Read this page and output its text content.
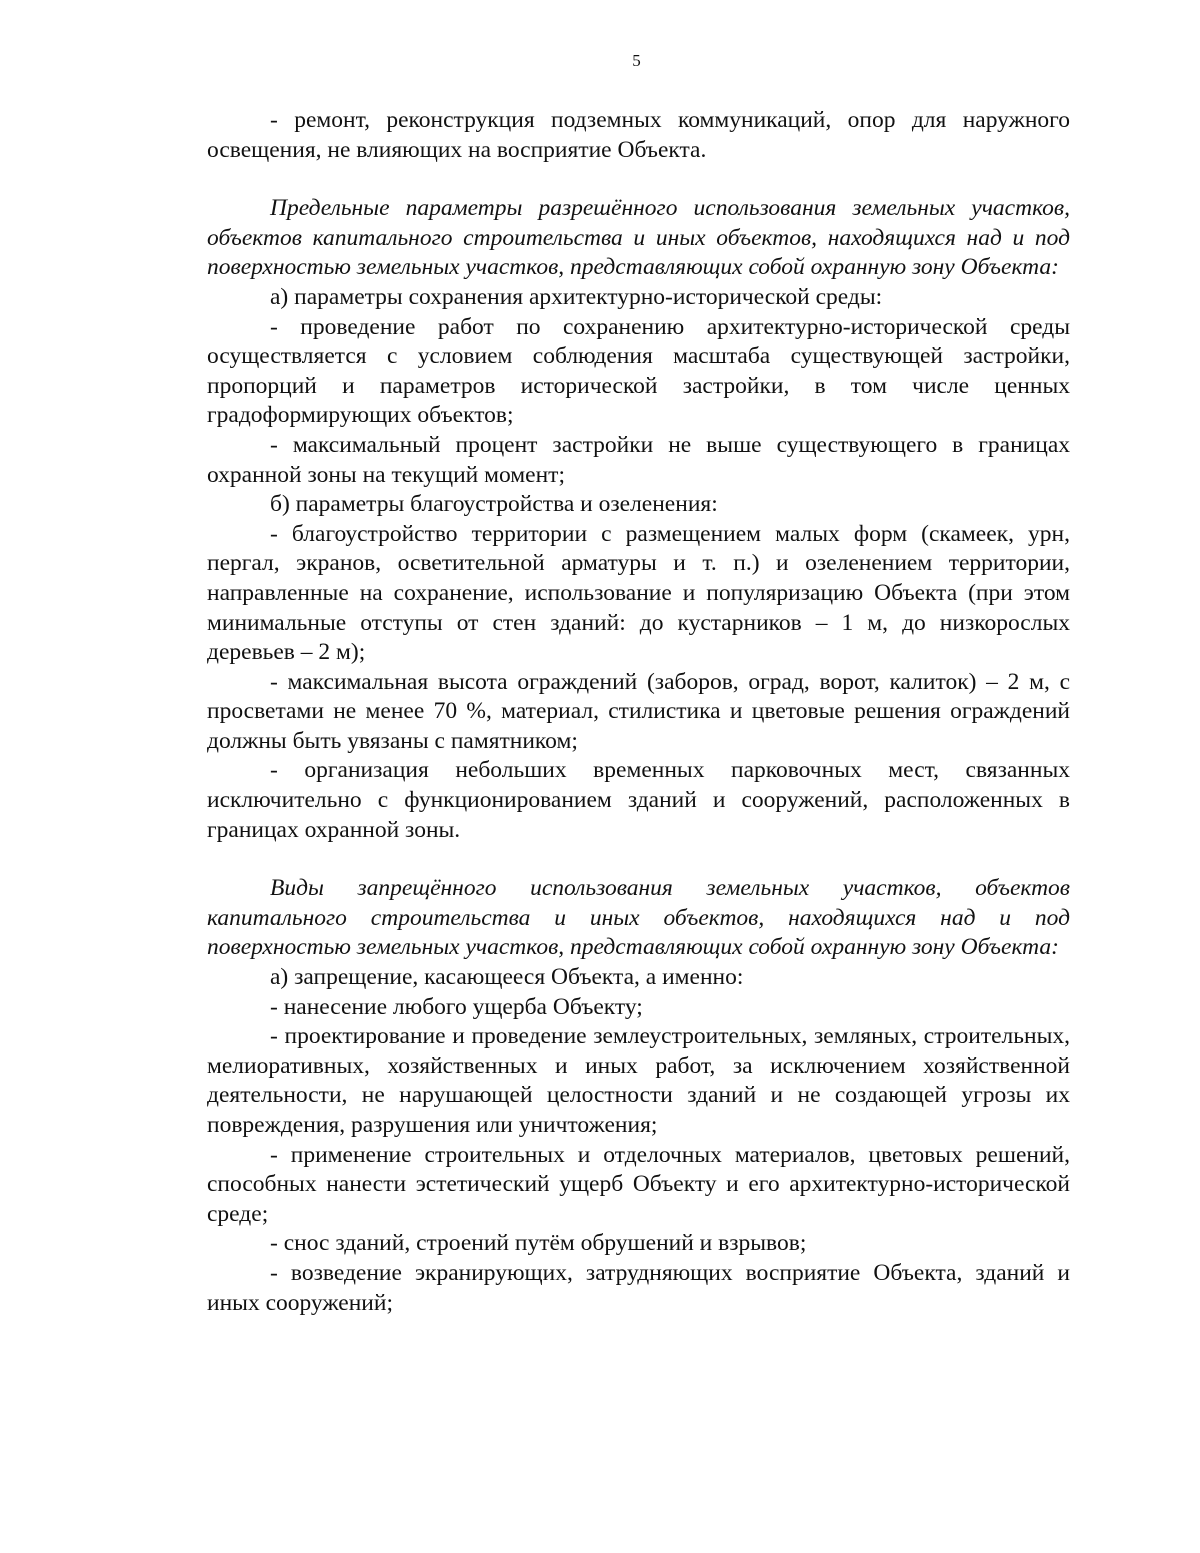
5

- ремонт, реконструкция подземных коммуникаций, опор для наружного освещения, не влияющих на восприятие Объекта.

Предельные параметры разрешённого использования земельных участков, объектов капитального строительства и иных объектов, находящихся над и под поверхностью земельных участков, представляющих собой охранную зону Объекта:

а) параметры сохранения архитектурно-исторической среды:

- проведение работ по сохранению архитектурно-исторической среды осуществляется с условием соблюдения масштаба существующей застройки, пропорций и параметров исторической застройки, в том числе ценных градоформирующих объектов;

- максимальный процент застройки не выше существующего в границах охранной зоны на текущий момент;

б) параметры благоустройства и озеленения:

- благоустройство территории с размещением малых форм (скамеек, урн, пергал, экранов, осветительной арматуры и т. п.) и озеленением территории, направленные на сохранение, использование и популяризацию Объекта (при этом минимальные отступы от стен зданий: до кустарников – 1 м, до низкорослых деревьев – 2 м);

- максимальная высота ограждений (заборов, оград, ворот, калиток) – 2 м, с просветами не менее 70 %, материал, стилистика и цветовые решения ограждений должны быть увязаны с памятником;

- организация небольших временных парковочных мест, связанных исключительно с функционированием зданий и сооружений, расположенных в границах охранной зоны.

Виды запрещённого использования земельных участков, объектов капитального строительства и иных объектов, находящихся над и под поверхностью земельных участков, представляющих собой охранную зону Объекта:

а) запрещение, касающееся Объекта, а именно:

- нанесение любого ущерба Объекту;

- проектирование и проведение землеустроительных, земляных, строительных, мелиоративных, хозяйственных и иных работ, за исключением хозяйственной деятельности, не нарушающей целостности зданий и не создающей угрозы их повреждения, разрушения или уничтожения;

- применение строительных и отделочных материалов, цветовых решений, способных нанести эстетический ущерб Объекту и его архитектурно-исторической среде;

- снос зданий, строений путём обрушений и взрывов;

- возведение экранирующих, затрудняющих восприятие Объекта, зданий и иных сооружений;
